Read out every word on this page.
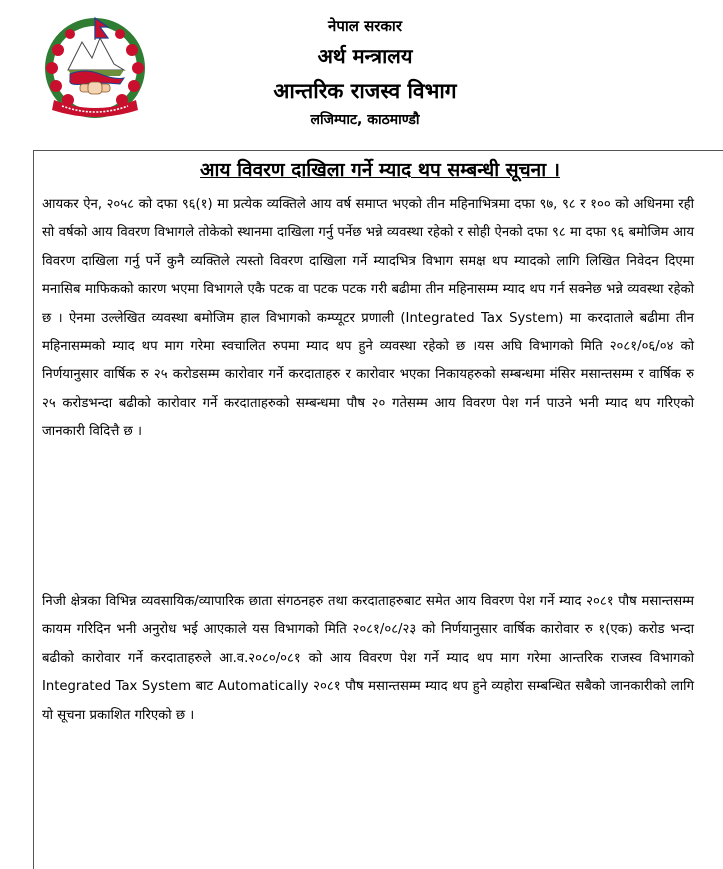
नेपाल सरकार
अर्थ मन्त्रालय
आन्तरिक राजस्व विभाग
लजिम्पाट, काठमाण्डौ
आय विवरण दाखिला गर्ने म्याद थप सम्बन्धी सूचना ।

आयकर ऐन, २०५८ को दफा ९६(१) मा प्रत्येक व्यक्तिले आय वर्ष समाप्त भएको तीन महिनाभित्रमा दफा ९७, ९८ र १०० को अधिनमा रही सो वर्षको आय विवरण विभागले तोकेको स्थानमा दाखिला गर्नु पर्नेछ भन्ने व्यवस्था रहेको र सोही ऐनको दफा ९८ मा दफा ९६ बमोजिम आय विवरण दाखिला गर्नु पर्ने कुनै व्यक्तिले त्यस्तो विवरण दाखिला गर्ने म्यादभित्र विभाग समक्ष थप म्यादको लागि लिखित निवेदन दिएमा मनासिब माफिकको कारण भएमा विभागले एकै पटक वा पटक पटक गरी बढीमा तीन महिनासम्म म्याद थप गर्न सक्नेछ भन्ने व्यवस्था रहेको छ । ऐनमा उल्लेखित व्यवस्था बमोजिम हाल विभागको कम्प्यूटर प्रणाली (Integrated Tax System) मा करदाताले बढीमा तीन महिनासम्मको म्याद थप माग गरेमा स्वचालित रुपमा म्याद थप हुने व्यवस्था रहेको छ ।यस अघि विभागको मिति २०८१/०६/०४ को निर्णयानुसार वार्षिक रु २५ करोडसम्म कारोवार गर्ने करदाताहरु र कारोवार भएका निकायहरुको सम्बन्धमा मंसिर मसान्तसम्म र वार्षिक रु २५ करोडभन्दा बढीको कारोवार गर्ने करदाताहरुको सम्बन्धमा पौष २० गतेसम्म आय विवरण पेश गर्न पाउने भनी म्याद थप गरिएको जानकारी विदित्तै छ ।

निजी क्षेत्रका विभिन्न व्यवसायिक/व्यापारिक छाता संगठनहरु तथा करदाताहरुबाट समेत आय विवरण पेश गर्ने म्याद २०८१ पौष मसान्तसम्म कायम गरिदिन भनी अनुरोध भई आएकाले यस विभागको मिति २०८१/०८/२३ को निर्णयानुसार वार्षिक कारोवार रु १(एक) करोड भन्दा बढीको कारोवार गर्ने करदाताहरुले आ.व.२०८०/०८१ को आय विवरण पेश गर्ने म्याद थप माग गरेमा आन्तरिक राजस्व विभागको Integrated Tax System बाट Automatically २०८१ पौष मसान्तसम्म म्याद थप हुने व्यहोरा सम्बन्धित सबैको जानकारीको लागि यो सूचना प्रकाशित गरिएको छ ।
